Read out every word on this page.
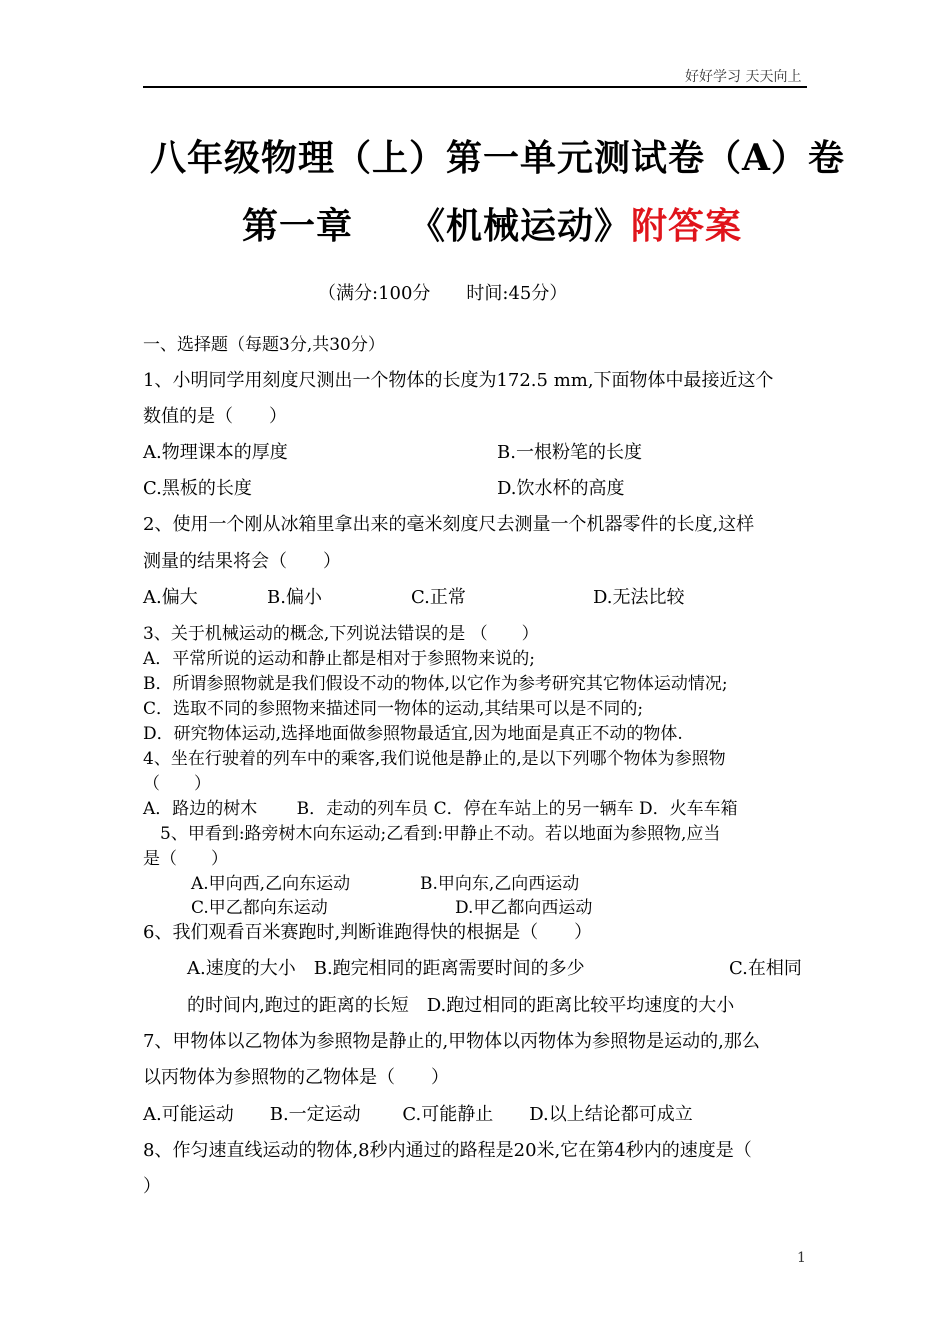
好好学习 天天向上
八年级物理（上）第一单元测试卷（A）卷
第一章　　《机械运动》附答案
（满分:100分　　时间:45分）
一、选择题（每题3分,共30分）
1、小明同学用刻度尺测出一个物体的长度为172.5 mm,下面物体中最接近这个
数值的是（　　）
A.物理课本的厚度	B.一根粉笔的长度
C.黑板的长度	D.饮水杯的高度
2、使用一个刚从冰箱里拿出来的毫米刻度尺去测量一个机器零件的长度,这样
测量的结果将会（　　）
A.偏大	B.偏小	C.正常	D.无法比较
3、关于机械运动的概念,下列说法错误的是 （　　）
A．平常所说的运动和静止都是相对于参照物来说的;
B．所谓参照物就是我们假设不动的物体,以它作为参考研究其它物体运动情况;
C．选取不同的参照物来描述同一物体的运动,其结果可以是不同的;
D．研究物体运动,选择地面做参照物最适宜,因为地面是真正不动的物体.
4、坐在行驶着的列车中的乘客,我们说他是静止的,是以下列哪个物体为参照物
（　　）
A．路边的树木　　 B．走动的列车员 C．停在车站上的另一辆车 D．火车车箱
5、甲看到:路旁树木向东运动;乙看到:甲静止不动。若以地面为参照物,应当
是（　　）
A.甲向西,乙向东运动	B.甲向东,乙向西运动
C.甲乙都向东运动	D.甲乙都向西运动
6、我们观看百米赛跑时,判断谁跑得快的根据是（　　）
A.速度的大小　B.跑完相同的距离需要时间的多少	C.在相同
的时间内,跑过的距离的长短　D.跑过相同的距离比较平均速度的大小
7、甲物体以乙物体为参照物是静止的,甲物体以丙物体为参照物是运动的,那么
以丙物体为参照物的乙物体是（　　）
A.可能运动　　B.一定运动　　 C.可能静止　　D.以上结论都可成立
8、作匀速直线运动的物体,8秒内通过的路程是20米,它在第4秒内的速度是（
）
1
